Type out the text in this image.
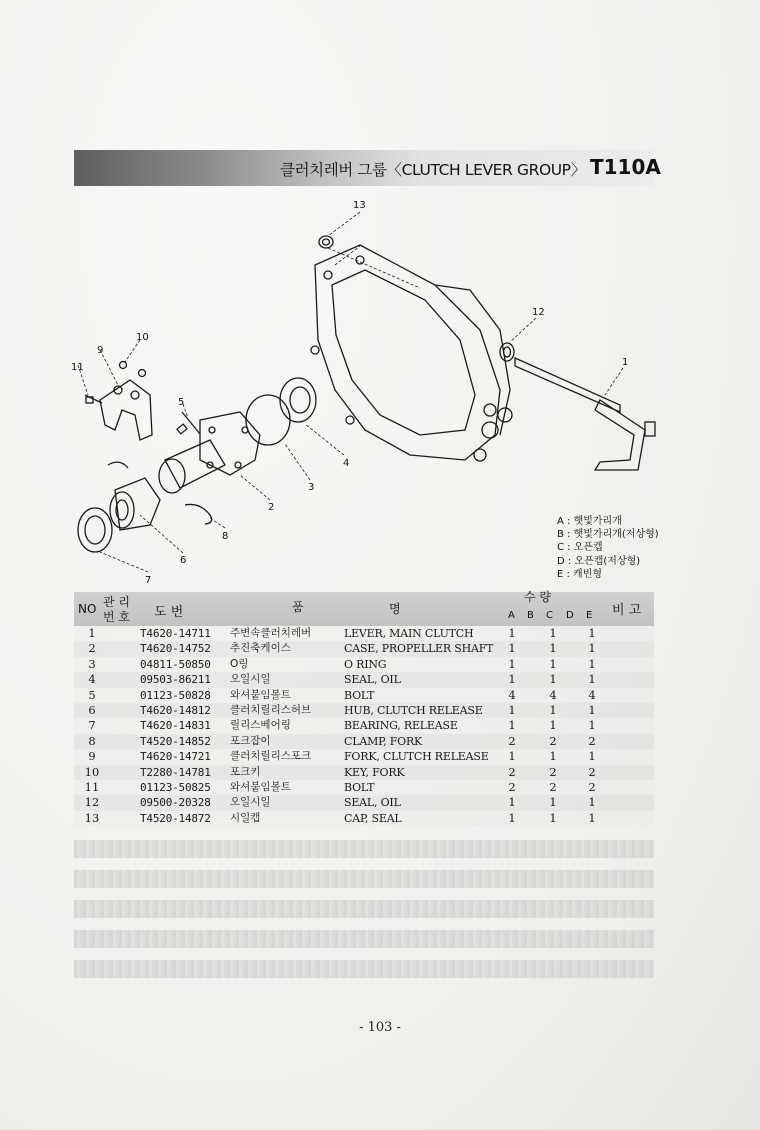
클러치레버 그룹〈CLUTCH LEVER GROUP〉 T110A
13
12
1
4
3
2
5
6
7
8
9
10
11
A : 햇빛가리개
B : 햇빛가리개(저상형)
C : 오픈캡
D : 오픈캡(저상형)
E : 캐빈형
NO 관 리
번 호 도 번	품	명
수 량
A B C D E 비 고
1	T4620-14711 주변속클러치레버	LEVER, MAIN CLUTCH	1	1	1
2	T4620-14752 추진축케이스	CASE, PROPELLER SHAFT 1	1	1
3	04811-50850 O링	O RING	1	1	1
4	09503-86211 오일시일	SEAL, OIL	1	1	1
5	01123-50828 와셔붙임볼트	BOLT	4	4	4
6	T4620-14812 클러치릴리스허브	HUB, CLUTCH RELEASE 1	1	1
7	T4620-14831 릴리스베어링	BEARING, RELEASE	1	1	1
8	T4520-14852 포크잡이	CLAMP, FORK	2	2	2
9	T4620-14721 클러치릴리스포크	FORK, CLUTCH RELEASE 1	1	1
10	T2280-14781 포크키	KEY, FORK	2	2	2
11	01123-50825 와셔붙임볼트	BOLT	2	2	2
12	09500-20328 오일시일	SEAL, OIL	1	1	1
13	T4520-14872 시일캡	CAP, SEAL	1	1	1
- 103 -
